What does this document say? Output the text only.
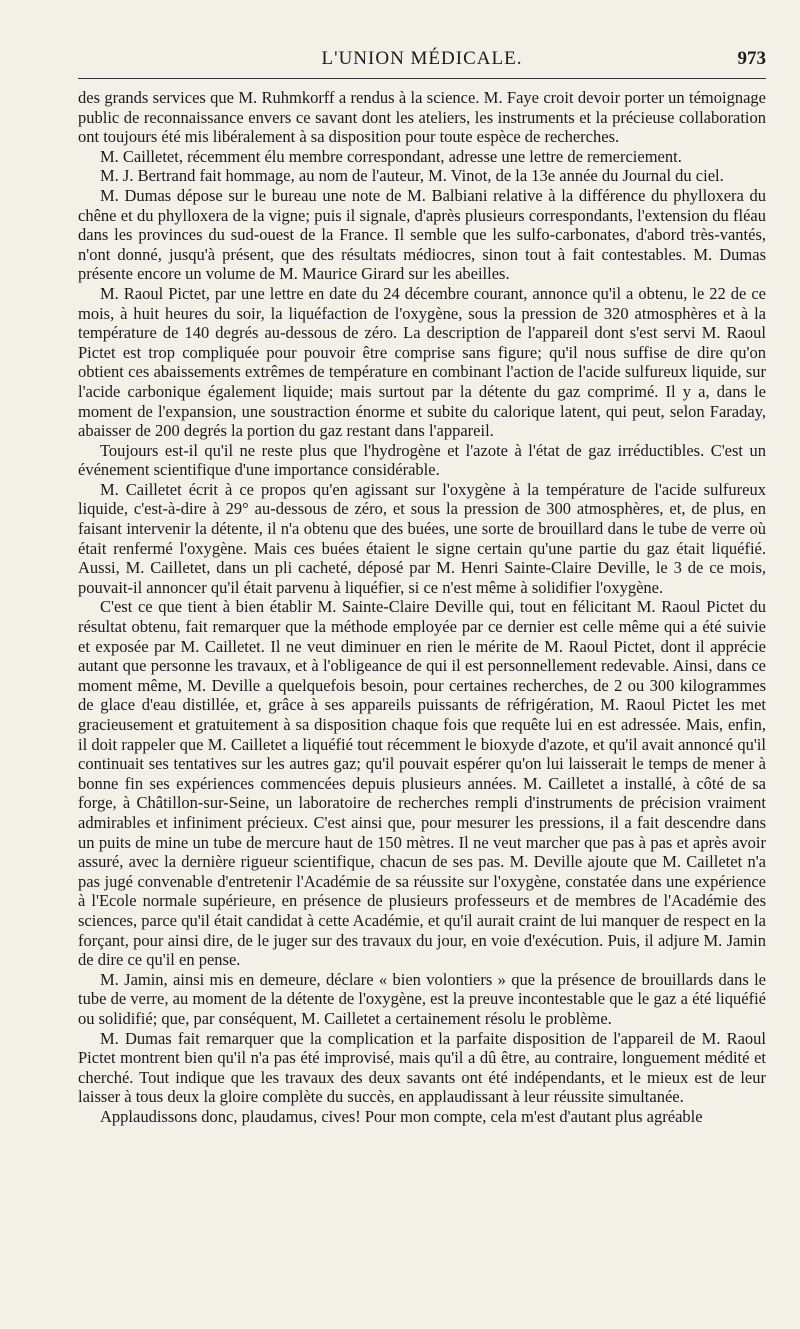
L'UNION MÉDICALE.	973

des grands services que M. Ruhmkorff a rendus à la science. M. Faye croit devoir porter un témoignage public de reconnaissance envers ce savant dont les ateliers, les instruments et la précieuse collaboration ont toujours été mis libéralement à sa disposition pour toute espèce de recherches.

M. Cailletet, récemment élu membre correspondant, adresse une lettre de remerciement.

M. J. Bertrand fait hommage, au nom de l'auteur, M. Vinot, de la 13e année du Journal du ciel.

M. Dumas dépose sur le bureau une note de M. Balbiani relative à la différence du phylloxera du chêne et du phylloxera de la vigne; puis il signale, d'après plusieurs correspondants, l'extension du fléau dans les provinces du sud-ouest de la France. Il semble que les sulfo-carbonates, d'abord très-vantés, n'ont donné, jusqu'à présent, que des résultats médiocres, sinon tout à fait contestables. M. Dumas présente encore un volume de M. Maurice Girard sur les abeilles.

M. Raoul Pictet, par une lettre en date du 24 décembre courant, annonce qu'il a obtenu, le 22 de ce mois, à huit heures du soir, la liquéfaction de l'oxygène, sous la pression de 320 atmosphères et à la température de 140 degrés au-dessous de zéro. La description de l'appareil dont s'est servi M. Raoul Pictet est trop compliquée pour pouvoir être comprise sans figure; qu'il nous suffise de dire qu'on obtient ces abaissements extrêmes de température en combinant l'action de l'acide sulfureux liquide, sur l'acide carbonique également liquide; mais surtout par la détente du gaz comprimé. Il y a, dans le moment de l'expansion, une soustraction énorme et subite du calorique latent, qui peut, selon Faraday, abaisser de 200 degrés la portion du gaz restant dans l'appareil.

Toujours est-il qu'il ne reste plus que l'hydrogène et l'azote à l'état de gaz irréductibles. C'est un événement scientifique d'une importance considérable.

M. Cailletet écrit à ce propos qu'en agissant sur l'oxygène à la température de l'acide sulfureux liquide, c'est-à-dire à 29° au-dessous de zéro, et sous la pression de 300 atmosphères, et, de plus, en faisant intervenir la détente, il n'a obtenu que des buées, une sorte de brouillard dans le tube de verre où était renfermé l'oxygène. Mais ces buées étaient le signe certain qu'une partie du gaz était liquéfié. Aussi, M. Cailletet, dans un pli cacheté, déposé par M. Henri Sainte-Claire Deville, le 3 de ce mois, pouvait-il annoncer qu'il était parvenu à liquéfier, si ce n'est même à solidifier l'oxygène.

C'est ce que tient à bien établir M. Sainte-Claire Deville qui, tout en félicitant M. Raoul Pictet du résultat obtenu, fait remarquer que la méthode employée par ce dernier est celle même qui a été suivie et exposée par M. Cailletet. Il ne veut diminuer en rien le mérite de M. Raoul Pictet, dont il apprécie autant que personne les travaux, et à l'obligeance de qui il est personnellement redevable. Ainsi, dans ce moment même, M. Deville a quelquefois besoin, pour certaines recherches, de 2 ou 300 kilogrammes de glace d'eau distillée, et, grâce à ses appareils puissants de réfrigération, M. Raoul Pictet les met gracieusement et gratuitement à sa disposition chaque fois que requête lui en est adressée. Mais, enfin, il doit rappeler que M. Cailletet a liquéfié tout récemment le bioxyde d'azote, et qu'il avait annoncé qu'il continuait ses tentatives sur les autres gaz; qu'il pouvait espérer qu'on lui laisserait le temps de mener à bonne fin ses expériences commencées depuis plusieurs années. M. Cailletet a installé, à côté de sa forge, à Châtillon-sur-Seine, un laboratoire de recherches rempli d'instruments de précision vraiment admirables et infiniment précieux. C'est ainsi que, pour mesurer les pressions, il a fait descendre dans un puits de mine un tube de mercure haut de 150 mètres. Il ne veut marcher que pas à pas et après avoir assuré, avec la dernière rigueur scientifique, chacun de ses pas. M. Deville ajoute que M. Cailletet n'a pas jugé convenable d'entretenir l'Académie de sa réussite sur l'oxygène, constatée dans une expérience à l'Ecole normale supérieure, en présence de plusieurs professeurs et de membres de l'Académie des sciences, parce qu'il était candidat à cette Académie, et qu'il aurait craint de lui manquer de respect en la forçant, pour ainsi dire, de le juger sur des travaux du jour, en voie d'exécution. Puis, il adjure M. Jamin de dire ce qu'il en pense.

M. Jamin, ainsi mis en demeure, déclare « bien volontiers » que la présence de brouillards dans le tube de verre, au moment de la détente de l'oxygène, est la preuve incontestable que le gaz a été liquéfié ou solidifié; que, par conséquent, M. Cailletet a certainement résolu le problème.

M. Dumas fait remarquer que la complication et la parfaite disposition de l'appareil de M. Raoul Pictet montrent bien qu'il n'a pas été improvisé, mais qu'il a dû être, au contraire, longuement médité et cherché. Tout indique que les travaux des deux savants ont été indépendants, et le mieux est de leur laisser à tous deux la gloire complète du succès, en applaudissant à leur réussite simultanée.

Applaudissons donc, plaudamus, cives! Pour mon compte, cela m'est d'autant plus agréable
